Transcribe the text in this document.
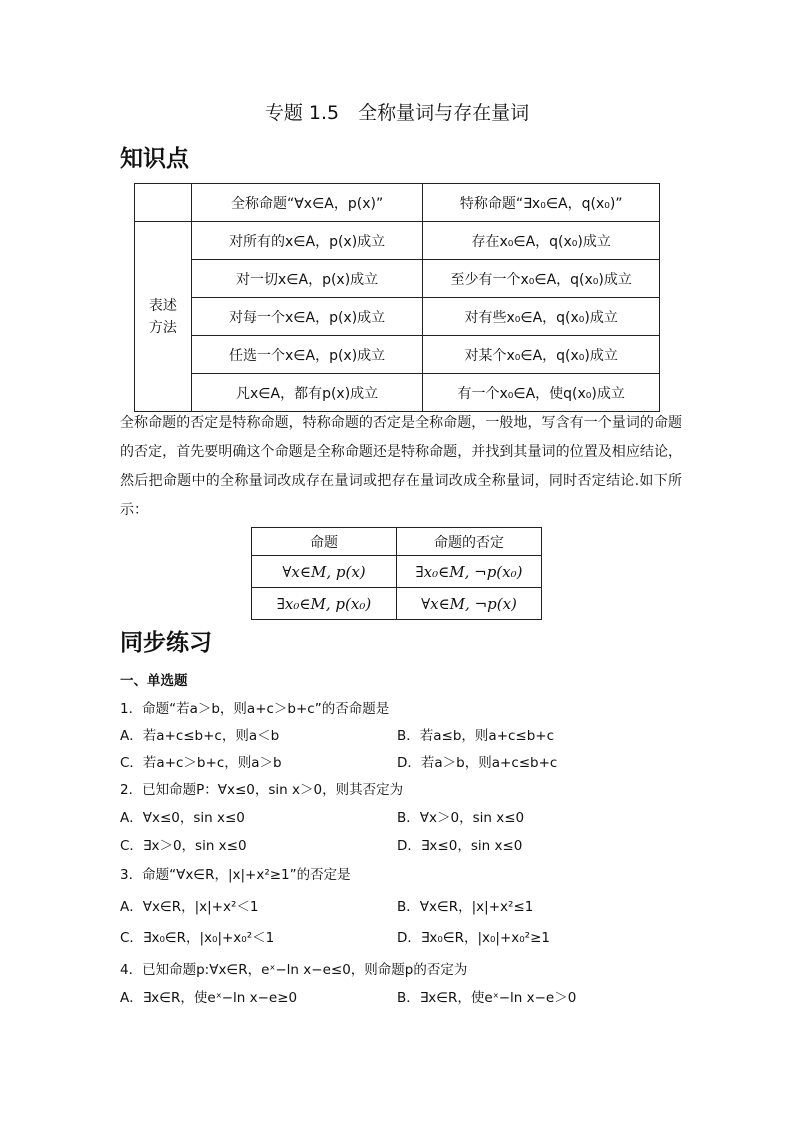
专题 1.5　全称量词与存在量词
知识点
	全称命题“∀x∈A，p(x)”	特称命题“∃x₀∈A，q(x₀)”

表述方法	对所有的x∈A，p(x)成立	存在x₀∈A，q(x₀)成立
	对一切x∈A，p(x)成立	至少有一个x₀∈A，q(x₀)成立
	对每一个x∈A，p(x)成立	对有些x₀∈A，q(x₀)成立
	任选一个x∈A，p(x)成立	对某个x₀∈A，q(x₀)成立
	凡x∈A，都有p(x)成立	有一个x₀∈A，使q(x₀)成立
全称命题的否定是特称命题，特称命题的否定是全称命题，一般地，写含有一个量词的命题的否定，首先要明确这个命题是全称命题还是特称命题，并找到其量词的位置及相应结论，然后把命题中的全称量词改成存在量词或把存在量词改成全称量词，同时否定结论.如下所示：
命题	命题的否定
∀x∈M, p(x)	∃x₀∈M, ¬p(x₀)
∃x₀∈M, p(x₀)	∀x∈M, ¬p(x)
同步练习
一、单选题
1．命题“若a＞b，则a+c＞b+c”的否命题是
A．若a+c≤b+c，则a＜b	B．若a≤b，则a+c≤b+c
C．若a+c＞b+c，则a＞b	D．若a＞b，则a+c≤b+c
2．已知命题P：∀x≤0，sin x＞0，则其否定为
A．∀x≤0，sin x≤0	B．∀x＞0，sin x≤0
C．∃x＞0，sin x≤0	D．∃x≤0，sin x≤0
3．命题“∀x∈R，|x|+x²≥1”的否定是
A．∀x∈R，|x|+x²＜1	B．∀x∈R，|x|+x²≤1
C．∃x₀∈R，|x₀|+x₀²＜1	D．∃x₀∈R，|x₀|+x₀²≥1
4．已知命题p:∀x∈R，eˣ−ln x−e≤0，则命题p的否定为
A．∃x∈R，使eˣ−ln x−e≥0	B．∃x∈R，使eˣ−ln x−e＞0
